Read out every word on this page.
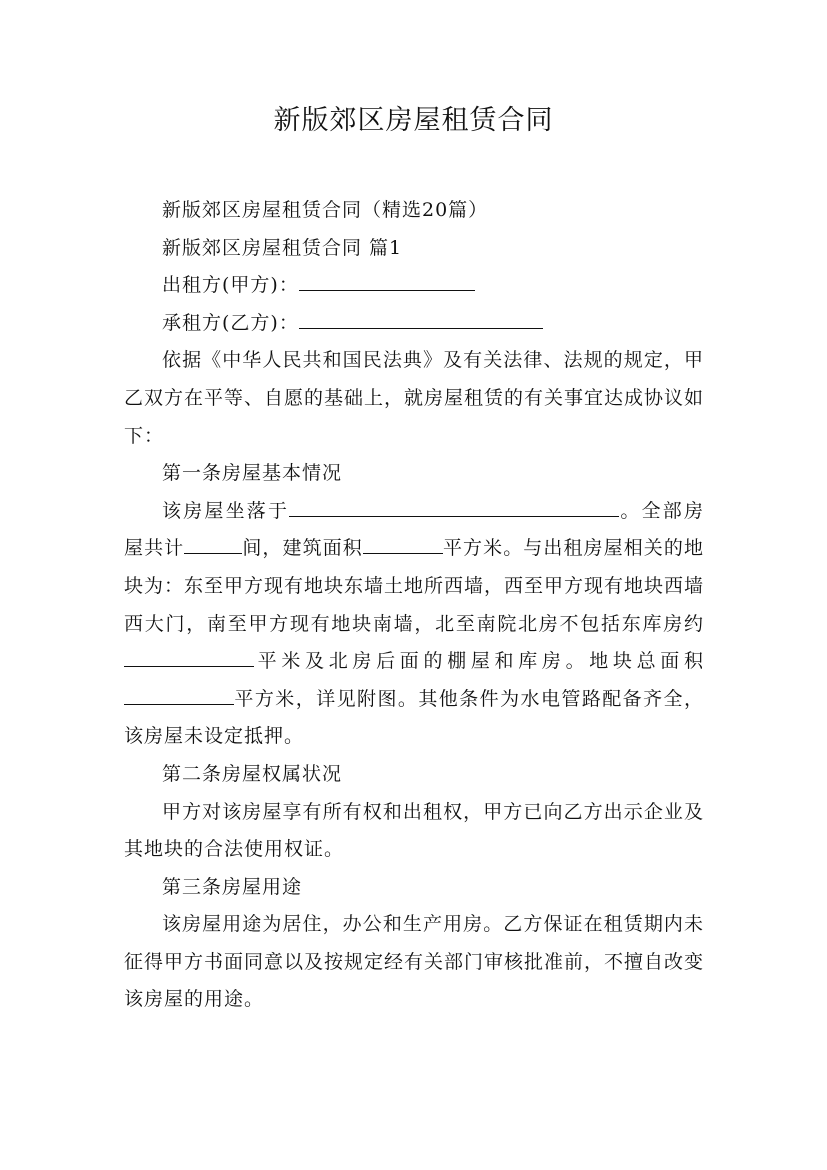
新版郊区房屋租赁合同

新版郊区房屋租赁合同（精选20篇）

新版郊区房屋租赁合同 篇1

出租方(甲方)：

承租方(乙方)：

依据《中华人民共和国民法典》及有关法律、法规的规定，甲乙双方在平等、自愿的基础上，就房屋租赁的有关事宜达成协议如下：

第一条房屋基本情况

该房屋坐落于	。全部房屋共计	间，建筑面积	平方米。与出租房屋相关的地块为：东至甲方现有地块东墙土地所西墙，西至甲方现有地块西墙西大门，南至甲方现有地块南墙，北至南院北房不包括东库房约平米及北房后面的棚屋和库房。地块总面积平方米，详见附图。其他条件为水电管路配备齐全，该房屋未设定抵押。

第二条房屋权属状况

甲方对该房屋享有所有权和出租权，甲方已向乙方出示企业及其地块的合法使用权证。

第三条房屋用途

该房屋用途为居住，办公和生产用房。乙方保证在租赁期内未征得甲方书面同意以及按规定经有关部门审核批准前，不擅自改变该房屋的用途。
